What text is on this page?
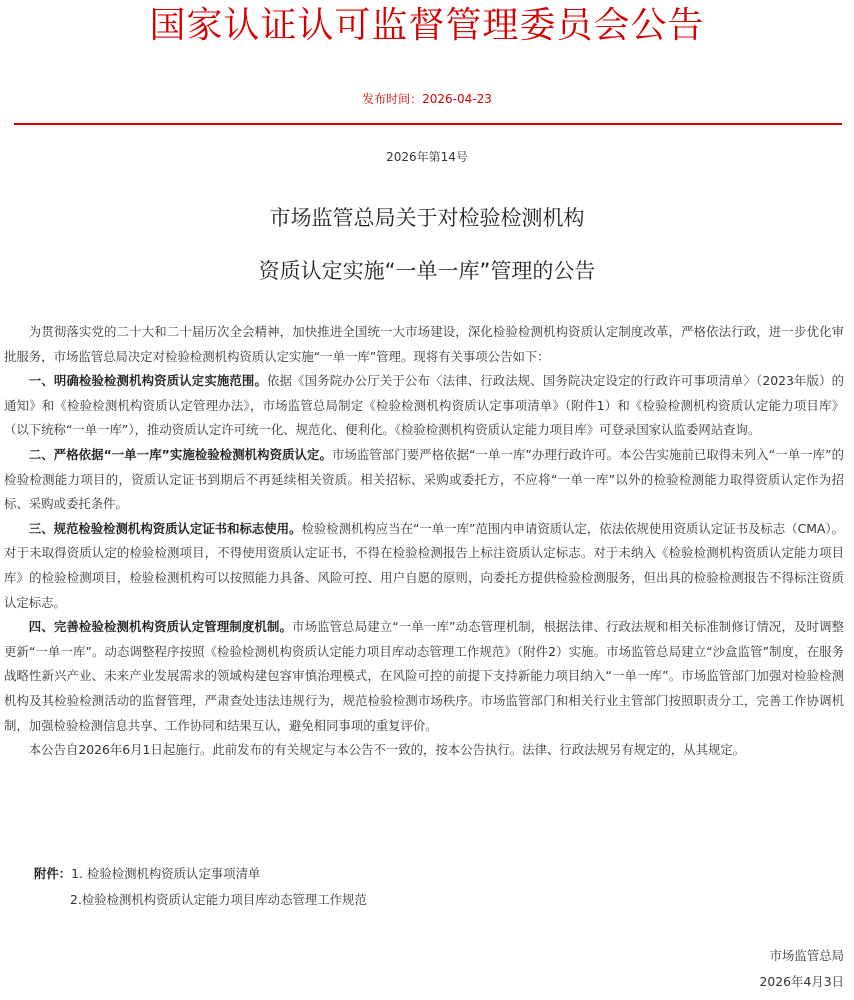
国家认证认可监督管理委员会公告
发布时间：2026-04-23
2026年第14号
市场监管总局关于对检验检测机构
资质认定实施“一单一库”管理的公告

为贯彻落实党的二十大和二十届历次全会精神，加快推进全国统一大市场建设，深化检验检测机构资质认定制度改革，严格依法行政，进一步优化审批服务，市场监管总局决定对检验检测机构资质认定实施“一单一库”管理。现将有关事项公告如下：

一、明确检验检测机构资质认定实施范围。依据《国务院办公厅关于公布〈法律、行政法规、国务院决定设定的行政许可事项清单〉（2023年版）的通知》和《检验检测机构资质认定管理办法》，市场监管总局制定《检验检测机构资质认定事项清单》（附件1）和《检验检测机构资质认定能力项目库》（以下统称“一单一库”），推动资质认定许可统一化、规范化、便利化。《检验检测机构资质认定能力项目库》可登录国家认监委网站查询。

二、严格依据“一单一库”实施检验检测机构资质认定。市场监管部门要严格依据“一单一库”办理行政许可。本公告实施前已取得未列入“一单一库”的检验检测能力项目的，资质认定证书到期后不再延续相关资质。相关招标、采购或委托方，不应将“一单一库”以外的检验检测能力取得资质认定作为招标、采购或委托条件。

三、规范检验检测机构资质认定证书和标志使用。检验检测机构应当在“一单一库”范围内申请资质认定，依法依规使用资质认定证书及标志（CMA）。对于未取得资质认定的检验检测项目，不得使用资质认定证书，不得在检验检测报告上标注资质认定标志。对于未纳入《检验检测机构资质认定能力项目库》的检验检测项目，检验检测机构可以按照能力具备、风险可控、用户自愿的原则，向委托方提供检验检测服务，但出具的检验检测报告不得标注资质认定标志。

四、完善检验检测机构资质认定管理制度机制。市场监管总局建立“一单一库”动态管理机制，根据法律、行政法规和相关标准制修订情况，及时调整更新“一单一库”。动态调整程序按照《检验检测机构资质认定能力项目库动态管理工作规范》（附件2）实施。市场监管总局建立“沙盒监管”制度，在服务战略性新兴产业、未来产业发展需求的领域构建包容审慎治理模式，在风险可控的前提下支持新能力项目纳入“一单一库”。市场监管部门加强对检验检测机构及其检验检测活动的监督管理，严肃查处违法违规行为，规范检验检测市场秩序。市场监管部门和相关行业主管部门按照职责分工，完善工作协调机制，加强检验检测信息共享、工作协同和结果互认，避免相同事项的重复评价。

本公告自2026年6月1日起施行。此前发布的有关规定与本公告不一致的，按本公告执行。法律、行政法规另有规定的，从其规定。

附件：1. 检验检测机构资质认定事项清单
2.检验检测机构资质认定能力项目库动态管理工作规范
市场监管总局
2026年4月3日
